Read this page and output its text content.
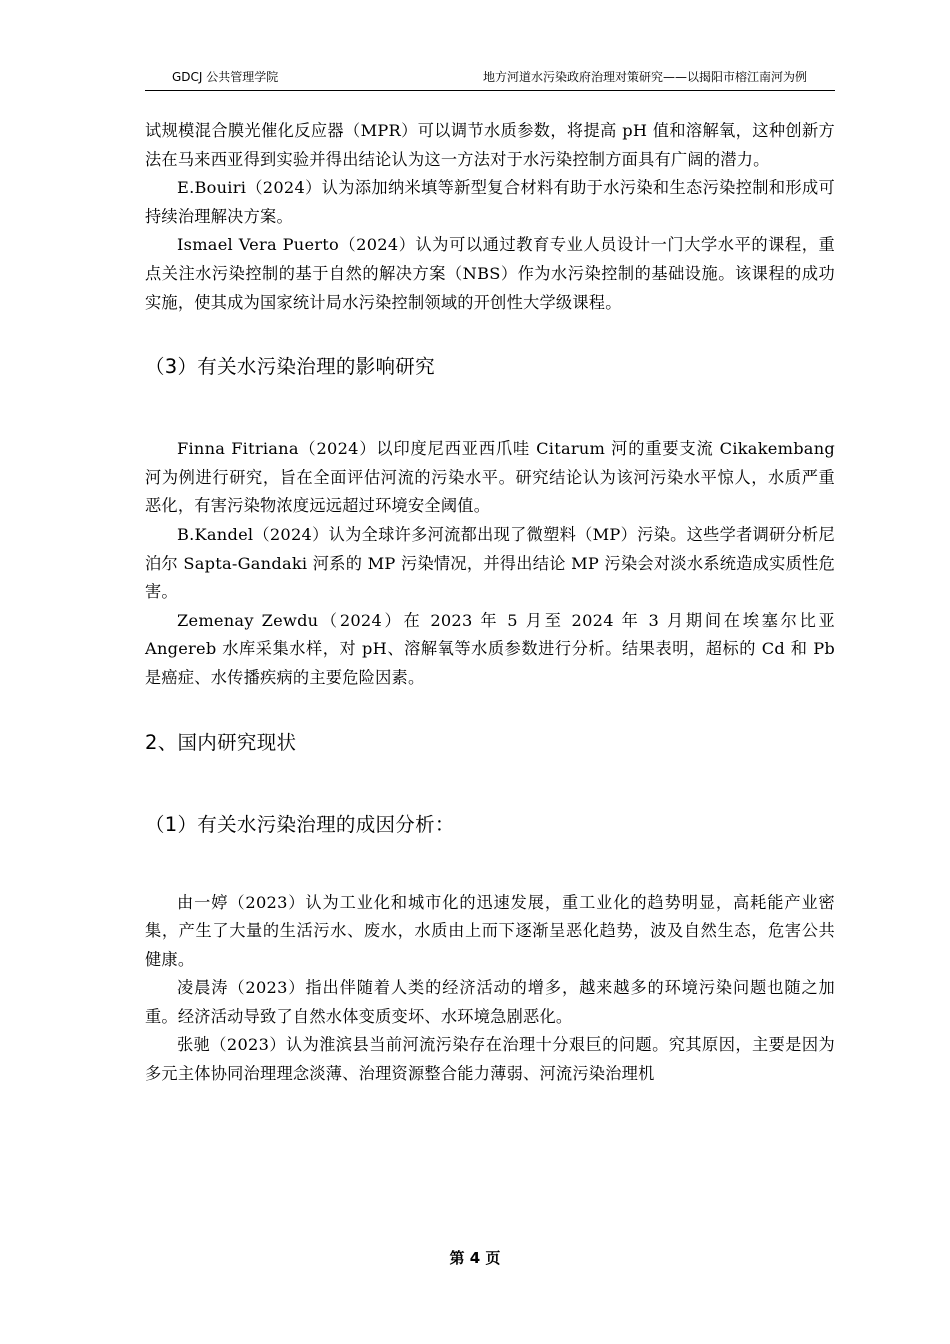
GDCJ 公共管理学院	地方河道水污染政府治理对策研究——以揭阳市榕江南河为例

试规模混合膜光催化反应器（MPR）可以调节水质参数，将提高 pH 值和溶解氧，这种创新方法在马来西亚得到实验并得出结论认为这一方法对于水污染控制方面具有广阔的潜力。

E.Bouiri（2024）认为添加纳米填等新型复合材料有助于水污染和生态污染控制和形成可持续治理解决方案。

Ismael Vera Puerto（2024）认为可以通过教育专业人员设计一门大学水平的课程，重点关注水污染控制的基于自然的解决方案（NBS）作为水污染控制的基础设施。该课程的成功实施，使其成为国家统计局水污染控制领域的开创性大学级课程。

（3）有关水污染治理的影响研究

Finna Fitriana（2024）以印度尼西亚西爪哇 Citarum 河的重要支流 Cikakembang 河为例进行研究，旨在全面评估河流的污染水平。研究结论认为该河污染水平惊人，水质严重恶化，有害污染物浓度远远超过环境安全阈值。

B.Kandel（2024）认为全球许多河流都出现了微塑料（MP）污染。这些学者调研分析尼泊尔 Sapta-Gandaki 河系的 MP 污染情况，并得出结论 MP 污染会对淡水系统造成实质性危害。

Zemenay Zewdu（2024）在 2023 年 5 月至 2024 年 3 月期间在埃塞尔比亚 Angereb 水库采集水样，对 pH、溶解氧等水质参数进行分析。结果表明，超标的 Cd 和 Pb 是癌症、水传播疾病的主要危险因素。

2、国内研究现状
（1）有关水污染治理的成因分析：

由一婷（2023）认为工业化和城市化的迅速发展，重工业化的趋势明显，高耗能产业密集，产生了大量的生活污水、废水，水质由上而下逐渐呈恶化趋势，波及自然生态，危害公共健康。

凌晨涛（2023）指出伴随着人类的经济活动的增多，越来越多的环境污染问题也随之加重。经济活动导致了自然水体变质变坏、水环境急剧恶化。

张驰（2023）认为淮滨县当前河流污染存在治理十分艰巨的问题。究其原因，主要是因为多元主体协同治理理念淡薄、治理资源整合能力薄弱、河流污染治理机

第 4 页
